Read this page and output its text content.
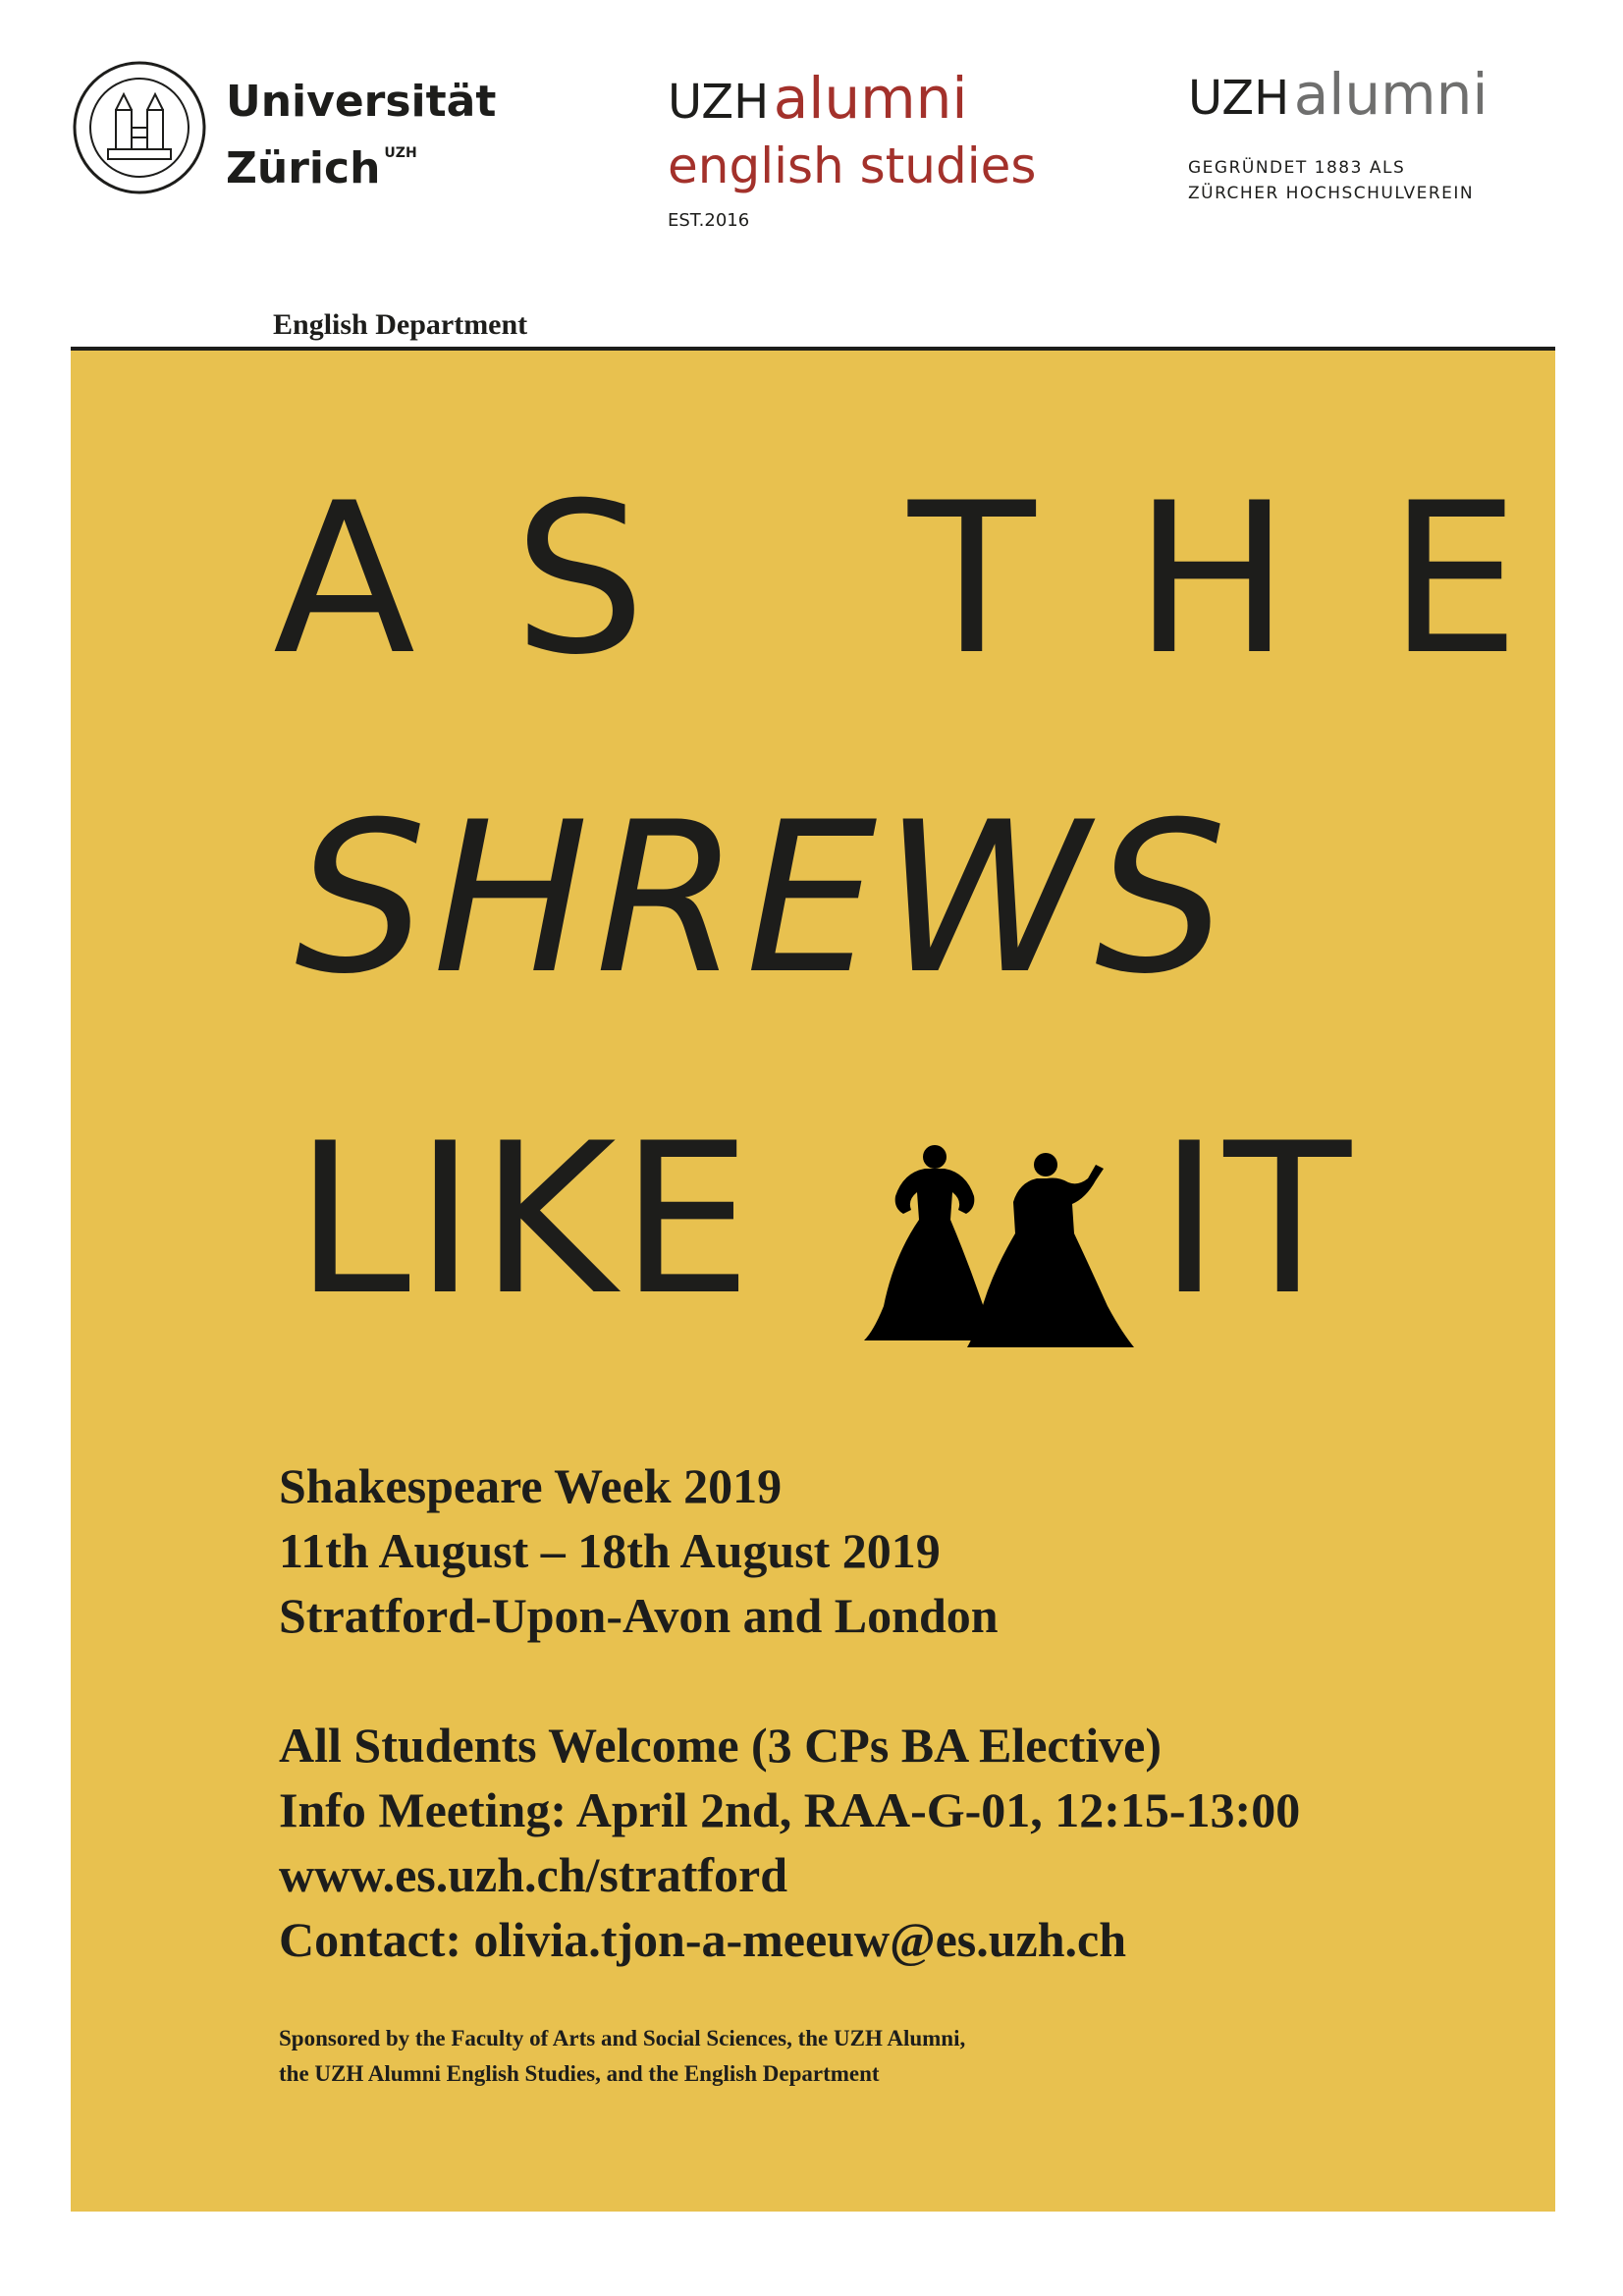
Universität
Zürich $^{UZH}$
UZH alumni
english studies
EST.2016
UZH alumni
GEGRÜNDET 1883 ALS
ZÜRCHER HOCHSCHULVEREIN
English Department
AS THE
SHREWS
LIKE IT
Shakespeare Week 2019
11th August – 18th August 2019
Stratford-Upon-Avon and London
All Students Welcome (3 CPs BA Elective)
Info Meeting: April 2nd, RAA-G-01, 12:15-13:00
www.es.uzh.ch/stratford
Contact: olivia.tjon-a-meeuw@es.uzh.ch
Sponsored by the Faculty of Arts and Social Sciences, the UZH Alumni,
the UZH Alumni English Studies, and the English Department
